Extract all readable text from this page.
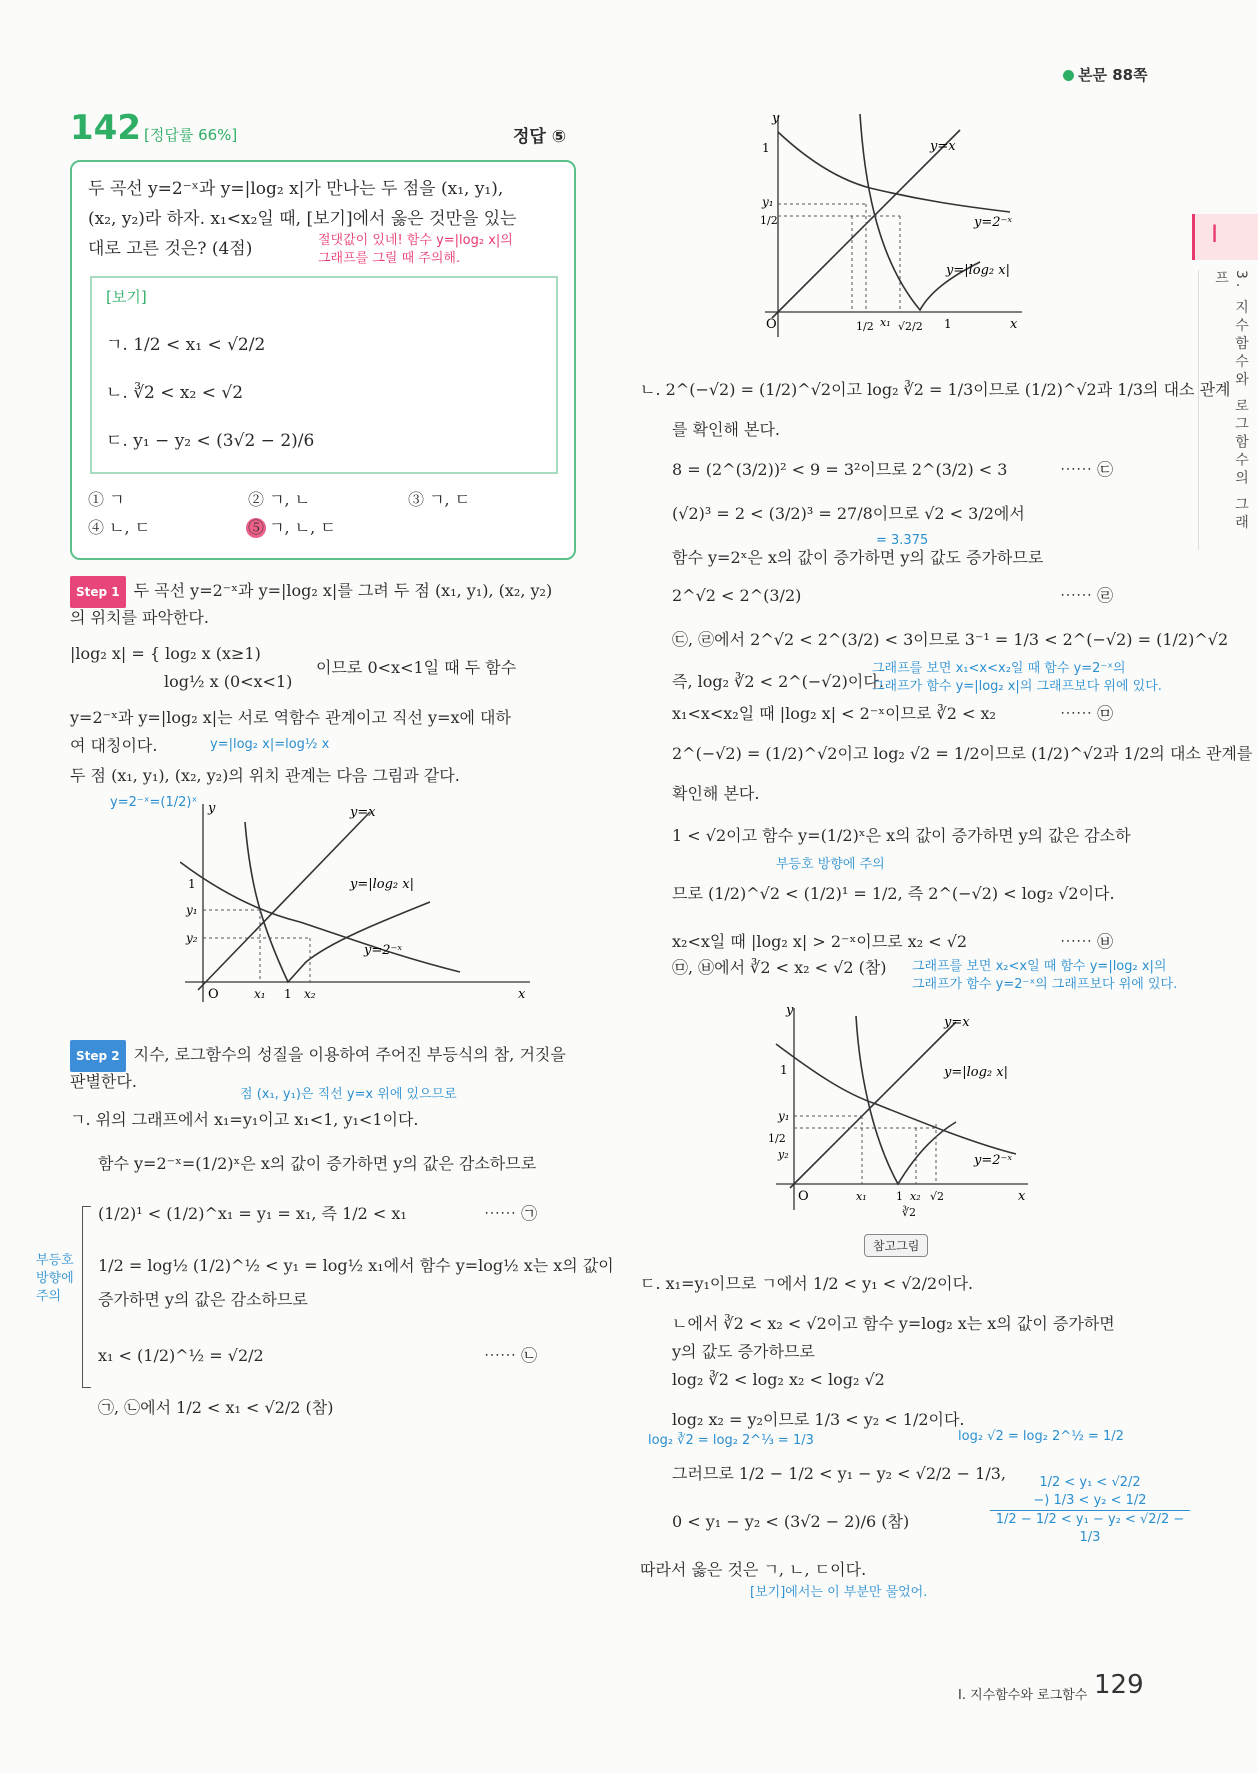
본문 88쪽
142 [정답률 66%]	정답 ⑤
I
3. 지수함수와 로그함수의 그래프
두 곡선 y=2⁻ˣ과 y=|log₂ x|가 만나는 두 점을 (x₁, y₁),
(x₂, y₂)라 하자. x₁<x₂일 때, [보기]에서 옳은 것만을 있는
대로 고른 것은? (4점)	절댓값이 있네! 함수 y=|log₂ x|의
그래프를 그릴 때 주의해.
[보기]
ㄱ. 1/2 < x₁ < √2/2
ㄴ. ∛2 < x₂ < √2
ㄷ. y₁ − y₂ < (3√2 − 2)/6
① ㄱ	② ㄱ, ㄴ	③ ㄱ, ㄷ
④ ㄴ, ㄷ	⑤ ㄱ, ㄴ, ㄷ
Step 1 두 곡선 y=2⁻ˣ과 y=|log₂ x|를 그려 두 점 (x₁, y₁), (x₂, y₂)
의 위치를 파악한다.
|log₂ x| = { log₂ x (x≥1)
log½ x (0<x<1)
이므로 0<x<1일 때 두 함수
y=2⁻ˣ과 y=|log₂ x|는 서로 역함수 관계이고 직선 y=x에 대하
여 대칭이다.	y=|log₂ x|=log½ x
두 점 (x₁, y₁), (x₂, y₂)의 위치 관계는 다음 그림과 같다.
y=2⁻ˣ=(1/2)ˣ
y=x
y=|log₂ x|
y=2⁻ˣ
O	x
y
1
y₁
y₂
x₁ 1 x₂
Step 2 지수, 로그함수의 성질을 이용하여 주어진 부등식의 참, 거짓을
판별한다.
점 (x₁, y₁)은 직선 y=x 위에 있으므로
ㄱ. 위의 그래프에서 x₁=y₁이고 x₁<1, y₁<1이다.
함수 y=2⁻ˣ=(1/2)ˣ은 x의 값이 증가하면 y의 값은 감소하므로
(1/2)¹ < (1/2)^x₁ = y₁ = x₁, 즉 1/2 < x₁	⋯⋯ ㉠
부등호 방향에 주의
1/2 = log½ (1/2)^½ < y₁ = log½ x₁에서 함수 y=log½ x는 x의 값이
증가하면 y의 값은 감소하므로
x₁ < (1/2)^½ = √2/2	⋯⋯ ㉡
㉠, ㉡에서 1/2 < x₁ < √2/2 (참)
y=x
y=2⁻ˣ
y=|log₂ x|
O	x
y
1
y₁
1/2
1/2 x₁ √2/2 1
ㄴ. 2^(−√2) = (1/2)^√2이고 log₂ ∛2 = 1/3이므로 (1/2)^√2과 1/3의 대소 관계
를 확인해 본다.
8 = (2^(3/2))² < 9 = 3²이므로 2^(3/2) < 3	⋯⋯ ㉢
(√2)³ = 2 < (3/2)³ = 27/8이므로 √2 < 3/2에서
= 3.375
함수 y=2ˣ은 x의 값이 증가하면 y의 값도 증가하므로
2^√2 < 2^(3/2)	⋯⋯ ㉣
㉢, ㉣에서 2^√2 < 2^(3/2) < 3이므로 3⁻¹ = 1/3 < 2^(−√2) = (1/2)^√2
즉, log₂ ∛2 < 2^(−√2)이다.
그래프를 보면 x₁<x<x₂일 때 함수 y=2⁻ˣ의
그래프가 함수 y=|log₂ x|의 그래프보다 위에 있다.
x₁<x<x₂일 때 |log₂ x| < 2⁻ˣ이므로 ∛2 < x₂	⋯⋯ ㉤
2^(−√2) = (1/2)^√2이고 log₂ √2 = 1/2이므로 (1/2)^√2과 1/2의 대소 관계를
확인해 본다.
1 < √2이고 함수 y=(1/2)ˣ은 x의 값이 증가하면 y의 값은 감소하
부등호 방향에 주의
므로 (1/2)^√2 < (1/2)¹ = 1/2, 즉 2^(−√2) < log₂ √2이다.
x₂<x일 때 |log₂ x| > 2⁻ˣ이므로 x₂ < √2	⋯⋯ ㉥
㉤, ㉥에서 ∛2 < x₂ < √2 (참) 그래프를 보면 x₂<x일 때 함수 y=|log₂ x|의
그래프가 함수 y=2⁻ˣ의 그래프보다 위에 있다.
y=x
y=|log₂ x|
y=2⁻ˣ
O	x
y
1
y₁
1/2
y₂
x₁	1 x₂ √2
∛2
참고그림
ㄷ. x₁=y₁이므로 ㄱ에서 1/2 < y₁ < √2/2이다.
ㄴ에서 ∛2 < x₂ < √2이고 함수 y=log₂ x는 x의 값이 증가하면
y의 값도 증가하므로
log₂ ∛2 < log₂ x₂ < log₂ √2
log₂ x₂ = y₂이므로 1/3 < y₂ < 1/2이다.
log₂ √2 = log₂ 2^½ = 1/2
log₂ ∛2 = log₂ 2^⅓ = 1/3
그러므로 1/2 − 1/2 < y₁ − y₂ < √2/2 − 1/3,
0 < y₁ − y₂ < (3√2 − 2)/6 (참)
따라서 옳은 것은 ㄱ, ㄴ, ㄷ이다.
[보기]에서는 이 부분만 물었어.
1/2 < y₁ < √2/2
−) 1/3 < y₂ < 1/2
1/2 − 1/2 < y₁ − y₂ < √2/2 − 1/3
I. 지수함수와 로그함수 129
